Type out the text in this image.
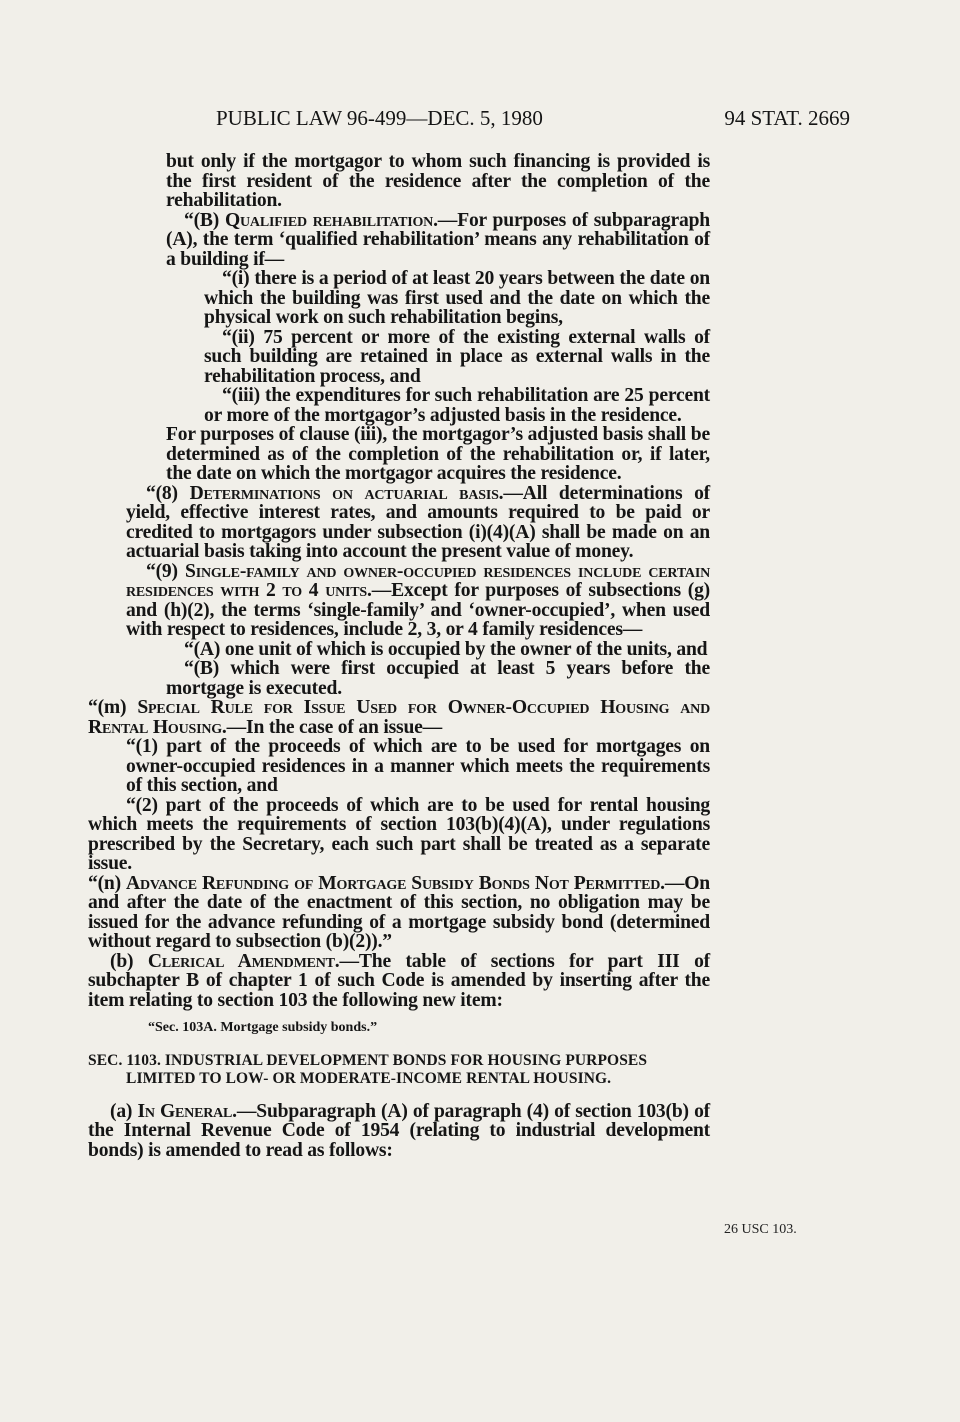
PUBLIC LAW 96-499—DEC. 5, 1980	94 STAT. 2669

but only if the mortgagor to whom such financing is provided is the first resident of the residence after the completion of the rehabilitation.

“(B) Qualified rehabilitation.—For purposes of subparagraph (A), the term ‘qualified rehabilitation’ means any rehabilitation of a building if—

“(i) there is a period of at least 20 years between the date on which the building was first used and the date on which the physical work on such rehabilitation begins,

“(ii) 75 percent or more of the existing external walls of such building are retained in place as external walls in the rehabilitation process, and

“(iii) the expenditures for such rehabilitation are 25 percent or more of the mortgagor’s adjusted basis in the residence.

For purposes of clause (iii), the mortgagor’s adjusted basis shall be determined as of the completion of the rehabilitation or, if later, the date on which the mortgagor acquires the residence.

“(8) Determinations on actuarial basis.—All determinations of yield, effective interest rates, and amounts required to be paid or credited to mortgagors under subsection (i)(4)(A) shall be made on an actuarial basis taking into account the present value of money.

“(9) Single-family and owner-occupied residences include certain residences with 2 to 4 units.—Except for purposes of subsections (g) and (h)(2), the terms ‘single-family’ and ‘owner-occupied’, when used with respect to residences, include 2, 3, or 4 family residences—

“(A) one unit of which is occupied by the owner of the units, and

“(B) which were first occupied at least 5 years before the mortgage is executed.

“(m) Special Rule for Issue Used for Owner-Occupied Housing and Rental Housing.—In the case of an issue—

“(1) part of the proceeds of which are to be used for mortgages on owner-occupied residences in a manner which meets the requirements of this section, and

“(2) part of the proceeds of which are to be used for rental housing which meets the requirements of section 103(b)(4)(A), under regulations prescribed by the Secretary, each such part shall be treated as a separate issue.

“(n) Advance Refunding of Mortgage Subsidy Bonds Not Permitted.—On and after the date of the enactment of this section, no obligation may be issued for the advance refunding of a mortgage subsidy bond (determined without regard to subsection (b)(2)).”

(b) Clerical Amendment.—The table of sections for part III of subchapter B of chapter 1 of such Code is amended by inserting after the item relating to section 103 the following new item:

“Sec. 103A. Mortgage subsidy bonds.”

SEC. 1103. INDUSTRIAL DEVELOPMENT BONDS FOR HOUSING PURPOSES LIMITED TO LOW- OR MODERATE-INCOME RENTAL HOUSING.

(a) In General.—Subparagraph (A) of paragraph (4) of section 103(b) of the Internal Revenue Code of 1954 (relating to industrial development bonds) is amended to read as follows:

26 USC 103.
